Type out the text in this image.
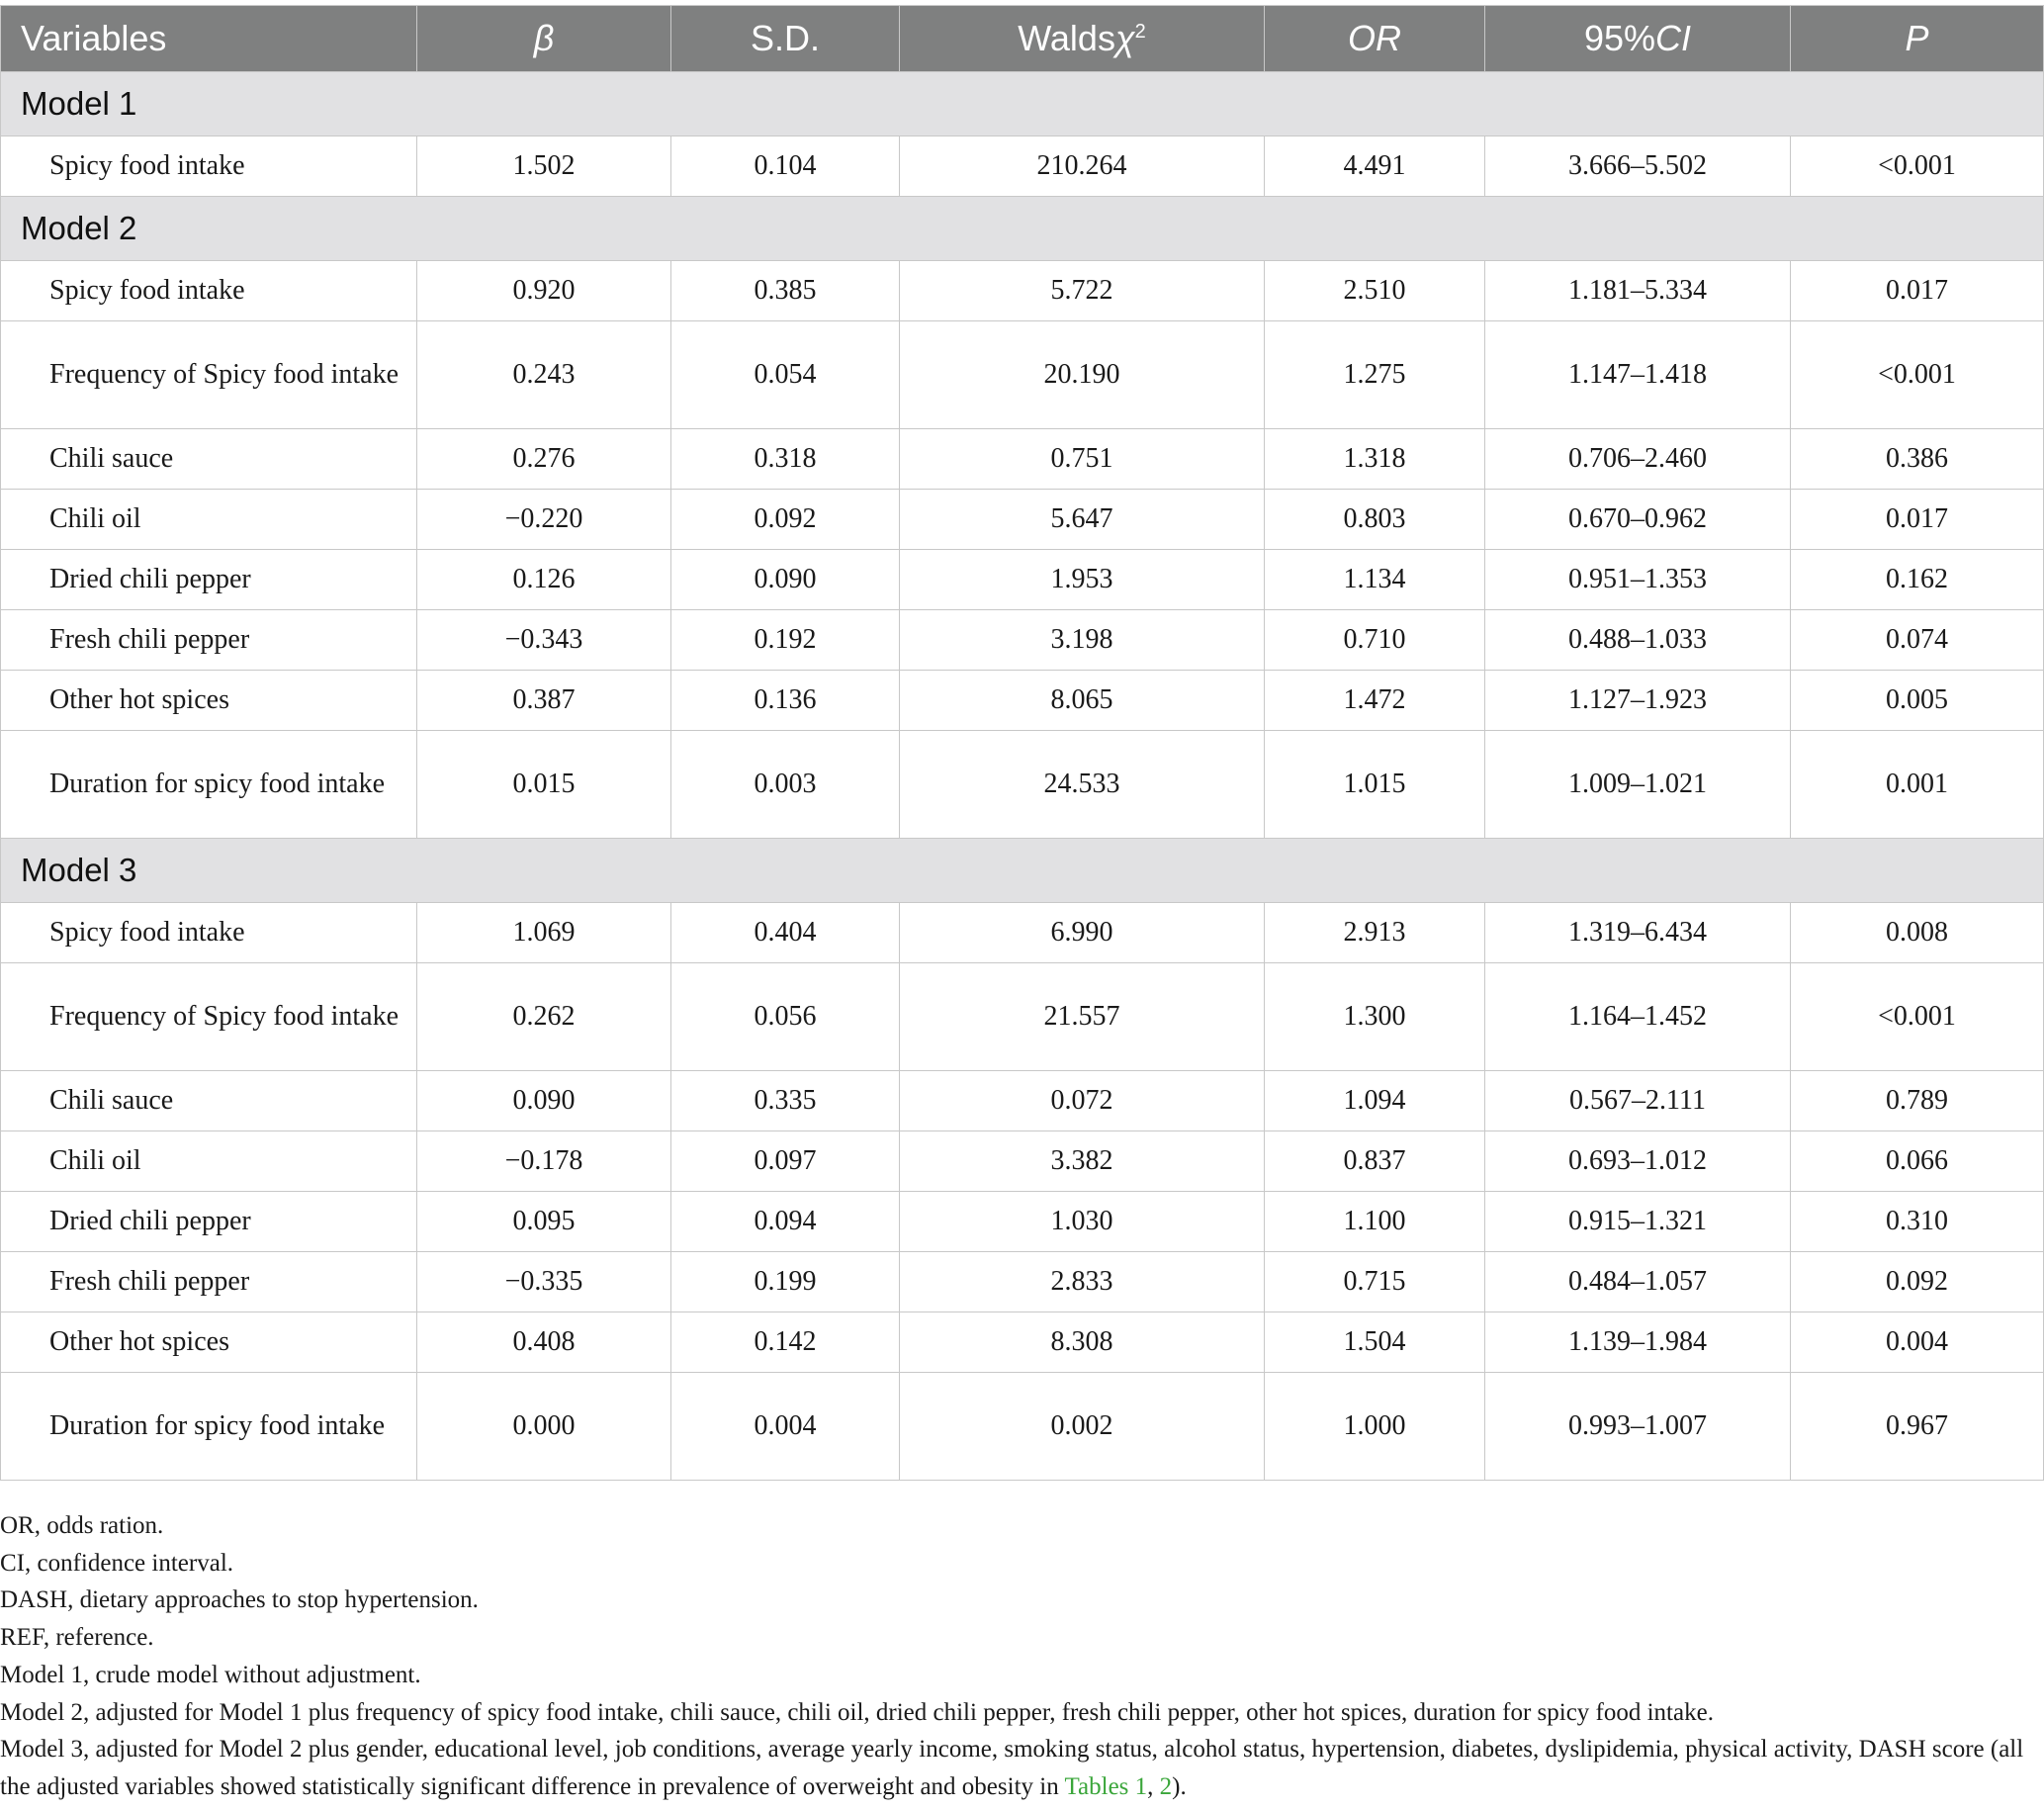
Variables	β	S.D.	Waldsχ$^2$	OR	95%CI	P
Model 1						
Spicy food intake	1.502	0.104	210.264	4.491	3.666–5.502	<0.001
Model 2						
Spicy food intake	0.920	0.385	5.722	2.510	1.181–5.334	0.017
Frequency of Spicy food intake	0.243	0.054	20.190	1.275	1.147–1.418	<0.001
Chili sauce	0.276	0.318	0.751	1.318	0.706–2.460	0.386
Chili oil	−0.220	0.092	5.647	0.803	0.670–0.962	0.017
Dried chili pepper	0.126	0.090	1.953	1.134	0.951–1.353	0.162
Fresh chili pepper	−0.343	0.192	3.198	0.710	0.488–1.033	0.074
Other hot spices	0.387	0.136	8.065	1.472	1.127–1.923	0.005
Duration for spicy food intake	0.015	0.003	24.533	1.015	1.009–1.021	0.001
Model 3						
Spicy food intake	1.069	0.404	6.990	2.913	1.319–6.434	0.008
Frequency of Spicy food intake	0.262	0.056	21.557	1.300	1.164–1.452	<0.001
Chili sauce	0.090	0.335	0.072	1.094	0.567–2.111	0.789
Chili oil	−0.178	0.097	3.382	0.837	0.693–1.012	0.066
Dried chili pepper	0.095	0.094	1.030	1.100	0.915–1.321	0.310
Fresh chili pepper	−0.335	0.199	2.833	0.715	0.484–1.057	0.092
Other hot spices	0.408	0.142	8.308	1.504	1.139–1.984	0.004
Duration for spicy food intake	0.000	0.004	0.002	1.000	0.993–1.007	0.967

OR, odds ration.

CI, confidence interval.

DASH, dietary approaches to stop hypertension.

REF, reference.

Model 1, crude model without adjustment.

Model 2, adjusted for Model 1 plus frequency of spicy food intake, chili sauce, chili oil, dried chili pepper, fresh chili pepper, other hot spices, duration for spicy food intake.

Model 3, adjusted for Model 2 plus gender, educational level, job conditions, average yearly income, smoking status, alcohol status, hypertension, diabetes, dyslipidemia, physical activity, DASH score (all the adjusted variables showed statistically significant difference in prevalence of overweight and obesity in Tables 1, 2).
